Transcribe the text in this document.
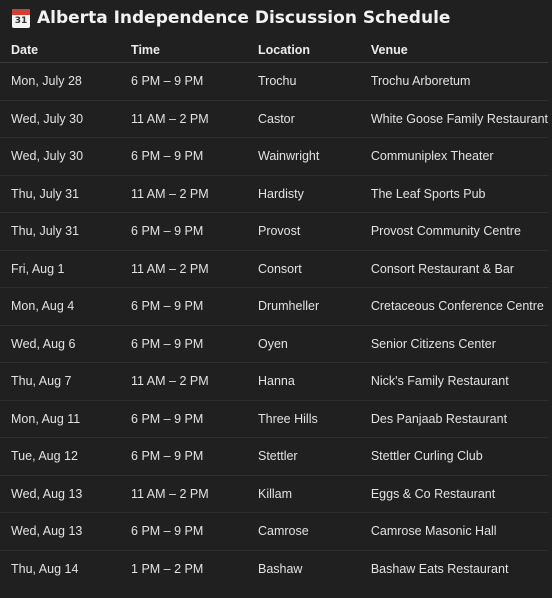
31 Alberta Independence Discussion Schedule
Date	Time	Location	Venue
Mon, July 28	6 PM – 9 PM	Trochu	Trochu Arboretum
Wed, July 30	11 AM – 2 PM	Castor	White Goose Family Restaurant
Wed, July 30	6 PM – 9 PM	Wainwright	Communiplex Theater
Thu, July 31	11 AM – 2 PM	Hardisty	The Leaf Sports Pub
Thu, July 31	6 PM – 9 PM	Provost	Provost Community Centre
Fri, Aug 1	11 AM – 2 PM	Consort	Consort Restaurant & Bar
Mon, Aug 4	6 PM – 9 PM	Drumheller	Cretaceous Conference Centre
Wed, Aug 6	6 PM – 9 PM	Oyen	Senior Citizens Center
Thu, Aug 7	11 AM – 2 PM	Hanna	Nick's Family Restaurant
Mon, Aug 11	6 PM – 9 PM	Three Hills	Des Panjaab Restaurant
Tue, Aug 12	6 PM – 9 PM	Stettler	Stettler Curling Club
Wed, Aug 13	11 AM – 2 PM	Killam	Eggs & Co Restaurant
Wed, Aug 13	6 PM – 9 PM	Camrose	Camrose Masonic Hall
Thu, Aug 14	1 PM – 2 PM	Bashaw	Bashaw Eats Restaurant
